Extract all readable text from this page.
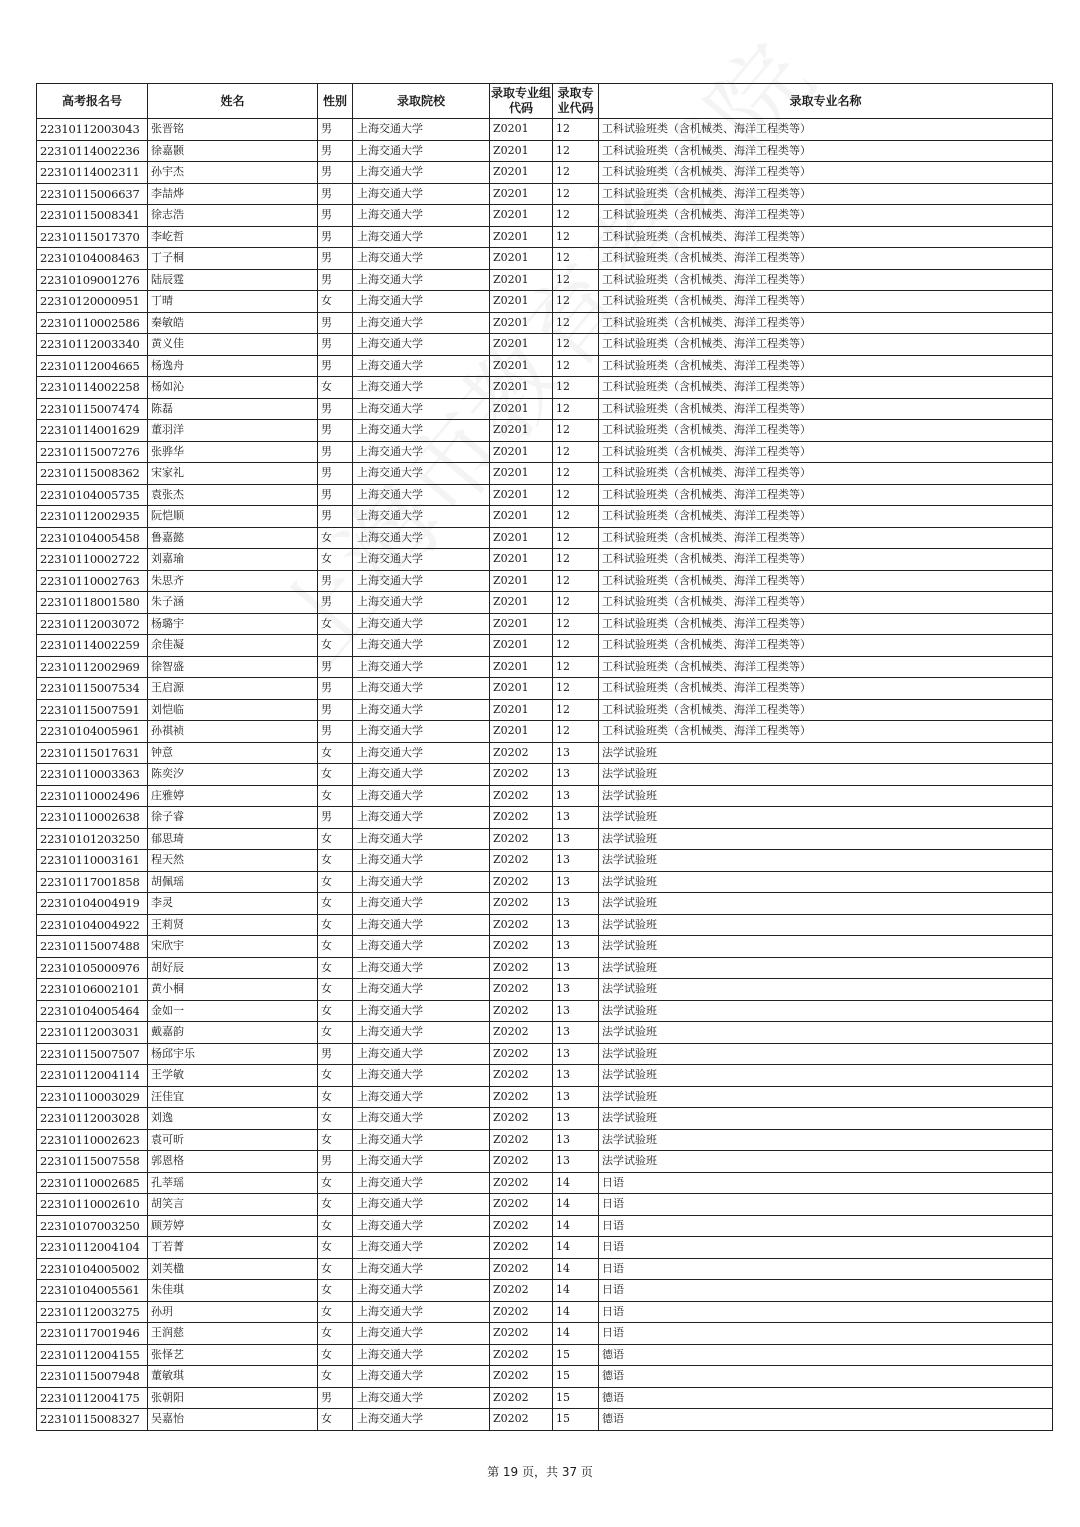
高考报名号	姓名	性别	录取院校	录取专业组代码	录取专业代码	录取专业名称
22310112003043	张晋铭	男	上海交通大学	Z0201	12	工科试验班类（含机械类、海洋工程类等）
22310114002236	徐嘉颢	男	上海交通大学	Z0201	12	工科试验班类（含机械类、海洋工程类等）
22310114002311	孙宇杰	男	上海交通大学	Z0201	12	工科试验班类（含机械类、海洋工程类等）
22310115006637	李喆烨	男	上海交通大学	Z0201	12	工科试验班类（含机械类、海洋工程类等）
22310115008341	徐志浩	男	上海交通大学	Z0201	12	工科试验班类（含机械类、海洋工程类等）
22310115017370	李屹哲	男	上海交通大学	Z0201	12	工科试验班类（含机械类、海洋工程类等）
22310104008463	丁子桐	男	上海交通大学	Z0201	12	工科试验班类（含机械类、海洋工程类等）
22310109001276	陆辰霆	男	上海交通大学	Z0201	12	工科试验班类（含机械类、海洋工程类等）
22310120000951	丁晴	女	上海交通大学	Z0201	12	工科试验班类（含机械类、海洋工程类等）
22310110002586	秦敏皓	男	上海交通大学	Z0201	12	工科试验班类（含机械类、海洋工程类等）
22310112003340	黄义佳	男	上海交通大学	Z0201	12	工科试验班类（含机械类、海洋工程类等）
22310112004665	杨逸舟	男	上海交通大学	Z0201	12	工科试验班类（含机械类、海洋工程类等）
22310114002258	杨如沁	女	上海交通大学	Z0201	12	工科试验班类（含机械类、海洋工程类等）
22310115007474	陈磊	男	上海交通大学	Z0201	12	工科试验班类（含机械类、海洋工程类等）
22310114001629	董羽洋	男	上海交通大学	Z0201	12	工科试验班类（含机械类、海洋工程类等）
22310115007276	张骅华	男	上海交通大学	Z0201	12	工科试验班类（含机械类、海洋工程类等）
22310115008362	宋家礼	男	上海交通大学	Z0201	12	工科试验班类（含机械类、海洋工程类等）
22310104005735	袁张杰	男	上海交通大学	Z0201	12	工科试验班类（含机械类、海洋工程类等）
22310112002935	阮恺顺	男	上海交通大学	Z0201	12	工科试验班类（含机械类、海洋工程类等）
22310104005458	鲁嘉懿	女	上海交通大学	Z0201	12	工科试验班类（含机械类、海洋工程类等）
22310110002722	刘嘉瑜	女	上海交通大学	Z0201	12	工科试验班类（含机械类、海洋工程类等）
22310110002763	朱思齐	男	上海交通大学	Z0201	12	工科试验班类（含机械类、海洋工程类等）
22310118001580	朱子涵	男	上海交通大学	Z0201	12	工科试验班类（含机械类、海洋工程类等）
22310112003072	杨璐宇	女	上海交通大学	Z0201	12	工科试验班类（含机械类、海洋工程类等）
22310114002259	余佳凝	女	上海交通大学	Z0201	12	工科试验班类（含机械类、海洋工程类等）
22310112002969	徐智盛	男	上海交通大学	Z0201	12	工科试验班类（含机械类、海洋工程类等）
22310115007534	王启源	男	上海交通大学	Z0201	12	工科试验班类（含机械类、海洋工程类等）
22310115007591	刘恺临	男	上海交通大学	Z0201	12	工科试验班类（含机械类、海洋工程类等）
22310104005961	孙祺祯	男	上海交通大学	Z0201	12	工科试验班类（含机械类、海洋工程类等）
22310115017631	钟意	女	上海交通大学	Z0202	13	法学试验班
22310110003363	陈奕汐	女	上海交通大学	Z0202	13	法学试验班
22310110002496	庄雅婷	女	上海交通大学	Z0202	13	法学试验班
22310110002638	徐子睿	男	上海交通大学	Z0202	13	法学试验班
22310101203250	郁思琦	女	上海交通大学	Z0202	13	法学试验班
22310110003161	程天然	女	上海交通大学	Z0202	13	法学试验班
22310117001858	胡佩瑶	女	上海交通大学	Z0202	13	法学试验班
22310104004919	李灵	女	上海交通大学	Z0202	13	法学试验班
22310104004922	王莉贤	女	上海交通大学	Z0202	13	法学试验班
22310115007488	宋欣宇	女	上海交通大学	Z0202	13	法学试验班
22310105000976	胡好辰	女	上海交通大学	Z0202	13	法学试验班
22310106002101	黄小桐	女	上海交通大学	Z0202	13	法学试验班
22310104005464	金如一	女	上海交通大学	Z0202	13	法学试验班
22310112003031	戴嘉韵	女	上海交通大学	Z0202	13	法学试验班
22310115007507	杨邱宇乐	男	上海交通大学	Z0202	13	法学试验班
22310112004114	王学敏	女	上海交通大学	Z0202	13	法学试验班
22310110003029	汪佳宜	女	上海交通大学	Z0202	13	法学试验班
22310112003028	刘逸	女	上海交通大学	Z0202	13	法学试验班
22310110002623	袁可昕	女	上海交通大学	Z0202	13	法学试验班
22310115007558	郭恩格	男	上海交通大学	Z0202	13	法学试验班
22310110002685	孔莘瑶	女	上海交通大学	Z0202	14	日语
22310110002610	胡笑言	女	上海交通大学	Z0202	14	日语
22310107003250	顾芳婷	女	上海交通大学	Z0202	14	日语
22310112004104	丁若菁	女	上海交通大学	Z0202	14	日语
22310104005002	刘芙楹	女	上海交通大学	Z0202	14	日语
22310104005561	朱佳琪	女	上海交通大学	Z0202	14	日语
22310112003275	孙玥	女	上海交通大学	Z0202	14	日语
22310117001946	王润慈	女	上海交通大学	Z0202	14	日语
22310112004155	张怿艺	女	上海交通大学	Z0202	15	德语
22310115007948	董敏琪	女	上海交通大学	Z0202	15	德语
22310112004175	张朝阳	男	上海交通大学	Z0202	15	德语
22310115008327	吴嘉怡	女	上海交通大学	Z0202	15	德语
第 19 页，共 37 页
